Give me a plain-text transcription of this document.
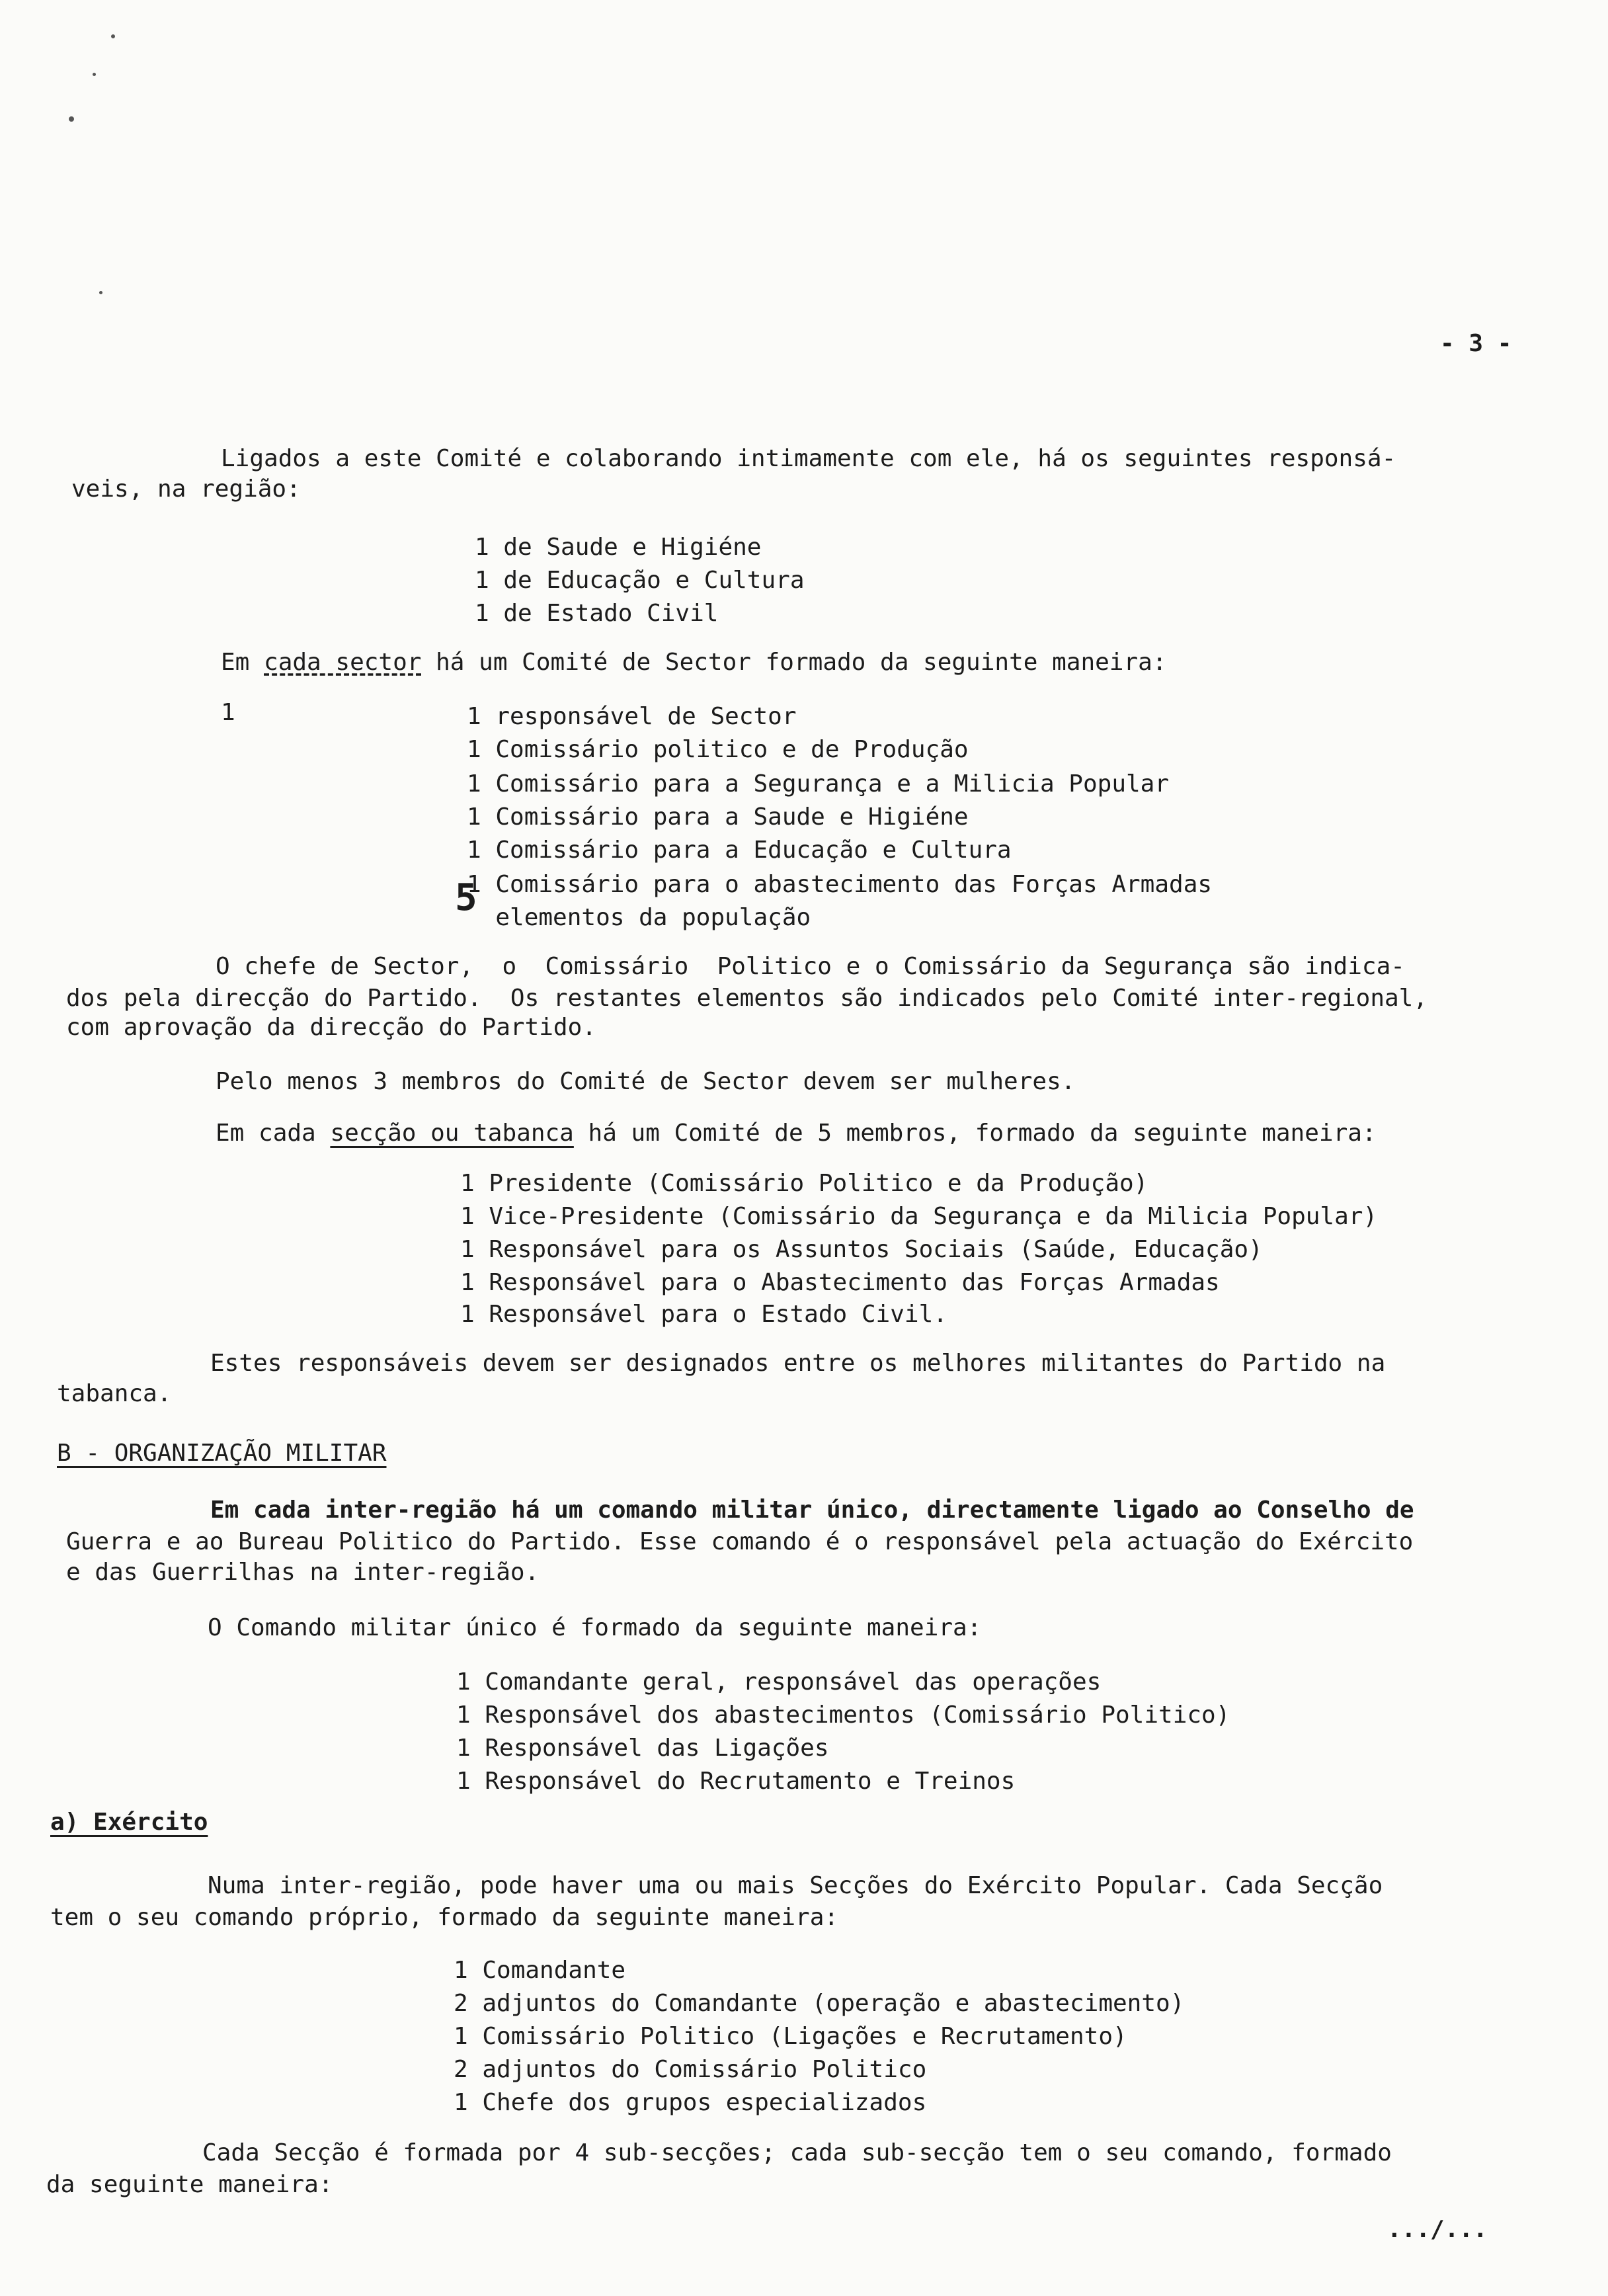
- 3 -
Ligados a este Comité e colaborando intimamente com ele, há os seguintes responsá-
veis, na região:
1 de Saude e Higiéne
1 de Educação e Cultura
1 de Estado Civil
Em cada sector há um Comité de Sector formado da seguinte maneira:
1	1 responsável de Sector
1 Comissário politico e de Produção
1 Comissário para a Segurança e a Milicia Popular
1 Comissário para a Saude e Higiéne
1 Comissário para a Educação e Cultura
1 Comissário para o abastecimento das Forças Armadas
elementos da população
5
O chefe de Sector,  o  Comissário  Politico e o Comissário da Segurança são indica-
dos pela direcção do Partido.  Os restantes elementos são indicados pelo Comité inter-regional,
com aprovação da direcção do Partido.
Pelo menos 3 membros do Comité de Sector devem ser mulheres.
Em cada secção ou tabanca há um Comité de 5 membros, formado da seguinte maneira:
1 Presidente (Comissário Politico e da Produção)
1 Vice-Presidente (Comissário da Segurança e da Milicia Popular)
1 Responsável para os Assuntos Sociais (Saúde, Educação)
1 Responsável para o Abastecimento das Forças Armadas
1 Responsável para o Estado Civil.
Estes responsáveis devem ser designados entre os melhores militantes do Partido na
tabanca.
B - ORGANIZAÇÃO MILITAR
Em cada inter-região há um comando militar único, directamente ligado ao Conselho de
Guerra e ao Bureau Politico do Partido. Esse comando é o responsável pela actuação do Exército
e das Guerrilhas na inter-região.
O Comando militar único é formado da seguinte maneira:
1 Comandante geral, responsável das operações
1 Responsável dos abastecimentos (Comissário Politico)
1 Responsável das Ligações
1 Responsável do Recrutamento e Treinos
a) Exército
Numa inter-região, pode haver uma ou mais Secções do Exército Popular. Cada Secção
tem o seu comando próprio, formado da seguinte maneira:
1 Comandante
2 adjuntos do Comandante (operação e abastecimento)
1 Comissário Politico (Ligações e Recrutamento)
2 adjuntos do Comissário Politico
1 Chefe dos grupos especializados
Cada Secção é formada por 4 sub-secções; cada sub-secção tem o seu comando, formado
da seguinte maneira:
.../...
